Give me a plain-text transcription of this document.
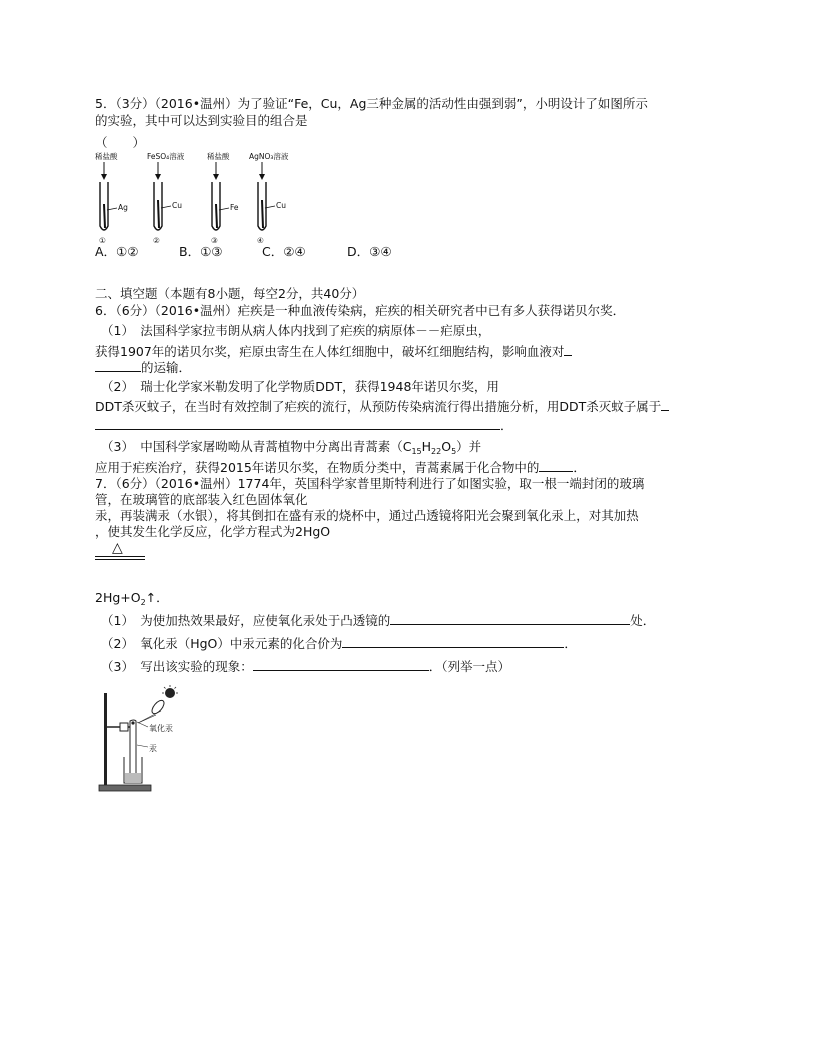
5．（3分）（2016•温州）为了验证“Fe，Cu，Ag三种金属的活动性由强到弱”，小明设计了如图所示
的实验，其中可以达到实验目的组合是
（　　）
稀盐酸
Ag
①
FeSO₄溶液
Cu
②
稀盐酸
Fe
③
AgNO₃溶液
Cu
④
A．①②	B．①③	C．②④	D．③④
二、填空题（本题有8小题，每空2分，共40分）
6．（6分）（2016•温州）疟疾是一种血液传染病，疟疾的相关研究者中已有多人获得诺贝尔奖．
（1）　法国科学家拉韦朗从病人体内找到了疟疾的病原体－－疟原虫，
获得1907年的诺贝尔奖，疟原虫寄生在人体红细胞中，破坏红细胞结构，影响血液对
的运输．
（2）　瑞士化学家米勒发明了化学物质DDT，获得1948年诺贝尔奖，用
DDT杀灭蚊子，在当时有效控制了疟疾的流行，从预防传染病流行得出措施分析，用DDT杀灭蚊子属于
．
（3）　中国科学家屠呦呦从青蒿植物中分离出青蒿素$(C_{15}H_{22}O_5)$并
应用于疟疾治疗，获得2015年诺贝尔奖，在物质分类中，青蒿素属于化合物中的	．
7．（6分）（2016•温州）1774年，英国科学家普里斯特利进行了如图实验，取一根一端封闭的玻璃
管，在玻璃管的底部装入红色固体氧化
汞，再装满汞（水银），将其倒扣在盛有汞的烧杯中，通过凸透镜将阳光会聚到氧化汞上，对其加热
，使其发生化学反应，化学方程式为2HgO
△
$2Hg+O_2↑$．
（1）　为使加热效果最好，应使氧化汞处于凸透镜的	处．
（2）　氧化汞（HgO）中汞元素的化合价为	．
（3）　写出该实验的现象：	．（列举一点）
氧化汞
汞
